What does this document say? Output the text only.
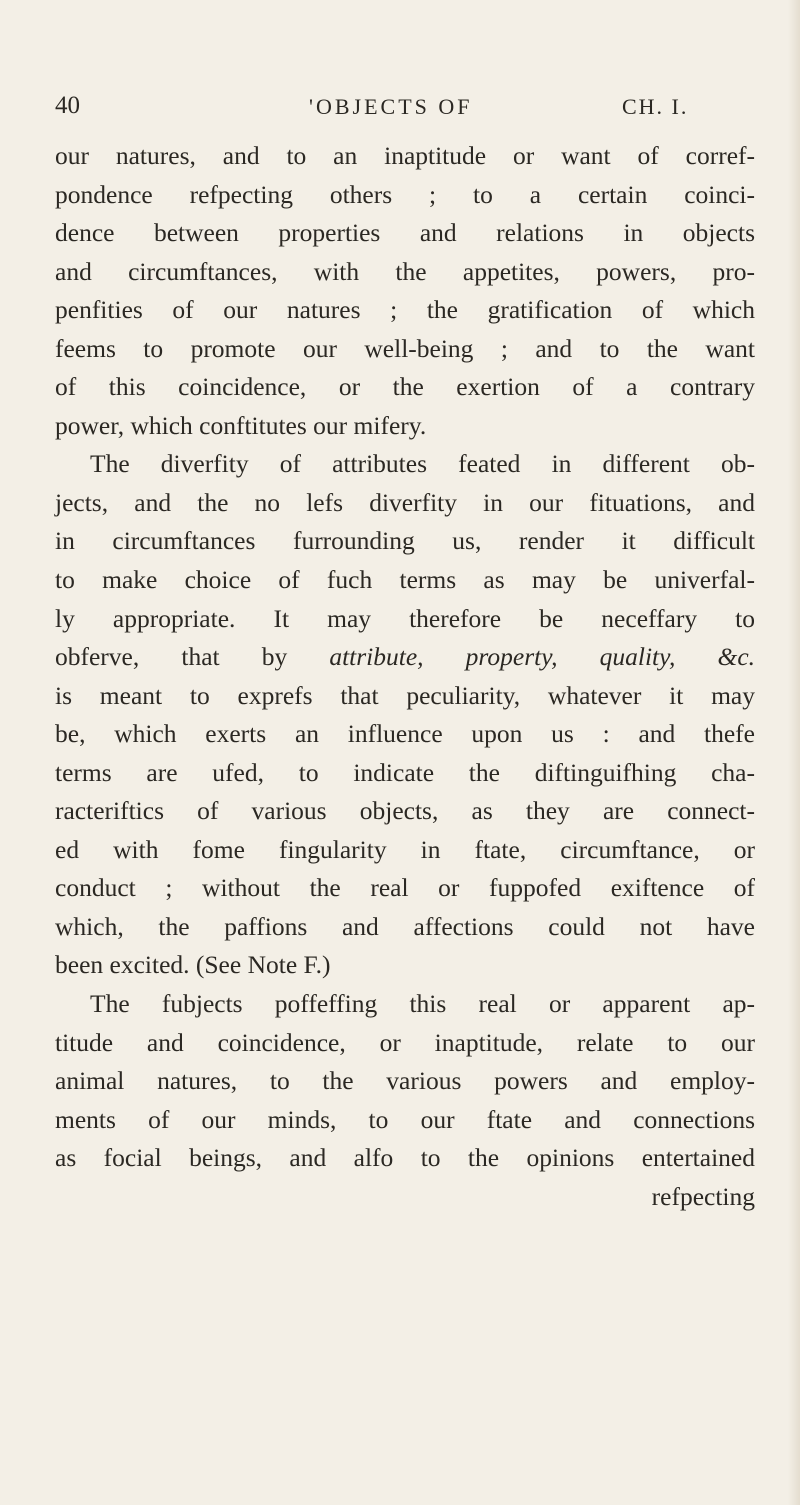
40	'OBJECTS OF	CH. I.
our natures, and to an inaptitude or want of corref-
pondence refpecting others ; to a certain coinci-
dence between properties and relations in objects
and circumftances, with the appetites, powers, pro-
penfities of our natures ; the gratification of which
feems to promote our well-being ; and to the want
of this coincidence, or the exertion of a contrary
power, which conftitutes our mifery.
The diverfity of attributes feated in different ob-
jects, and the no lefs diverfity in our fituations, and
in circumftances furrounding us, render it difficult
to make choice of fuch terms as may be univerfal-
ly appropriate. It may therefore be neceffary to
obferve, that by attribute, property, quality, &c.
is meant to exprefs that peculiarity, whatever it may
be, which exerts an influence upon us : and thefe
terms are ufed, to indicate the diftinguifhing cha-
racteriftics of various objects, as they are connect-
ed with fome fingularity in ftate, circumftance, or
conduct ; without the real or fuppofed exiftence of
which, the paffions and affections could not have
been excited. (See Note F.)
The fubjects poffeffing this real or apparent ap-
titude and coincidence, or inaptitude, relate to our
animal natures, to the various powers and employ-
ments of our minds, to our ftate and connections
as focial beings, and alfo to the opinions entertained
refpecting
